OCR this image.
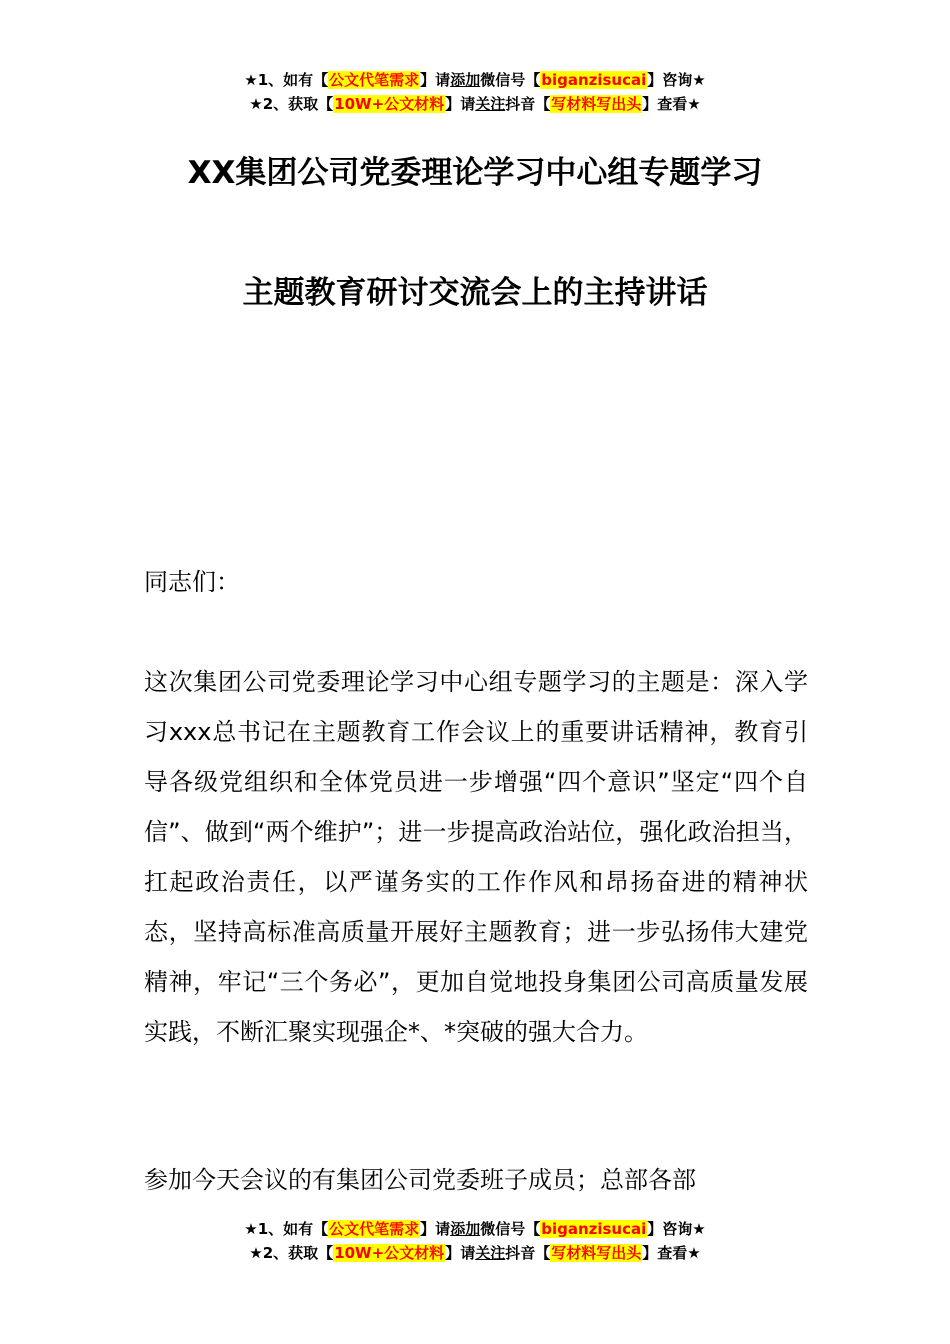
★1、如有【公文代笔需求】请添加微信号【biganzisucai】咨询★
★2、获取【10W+公文材料】请关注抖音【写材料写出头】查看★
XX集团公司党委理论学习中心组专题学习
主题教育研讨交流会上的主持讲话
同志们：
这次集团公司党委理论学习中心组专题学习的主题是：深入学习xxx总书记在主题教育工作会议上的重要讲话精神，教育引导各级党组织和全体党员进一步增强“四个意识”坚定“四个自信”、做到“两个维护”；进一步提高政治站位，强化政治担当，扛起政治责任，以严谨务实的工作作风和昂扬奋进的精神状态，坚持高标准高质量开展好主题教育；进一步弘扬伟大建党精神，牢记“三个务必”，更加自觉地投身集团公司高质量发展实践，不断汇聚实现强企*、*突破的强大合力。
参加今天会议的有集团公司党委班子成员；总部各部
★1、如有【公文代笔需求】请添加微信号【biganzisucai】咨询★
★2、获取【10W+公文材料】请关注抖音【写材料写出头】查看★
